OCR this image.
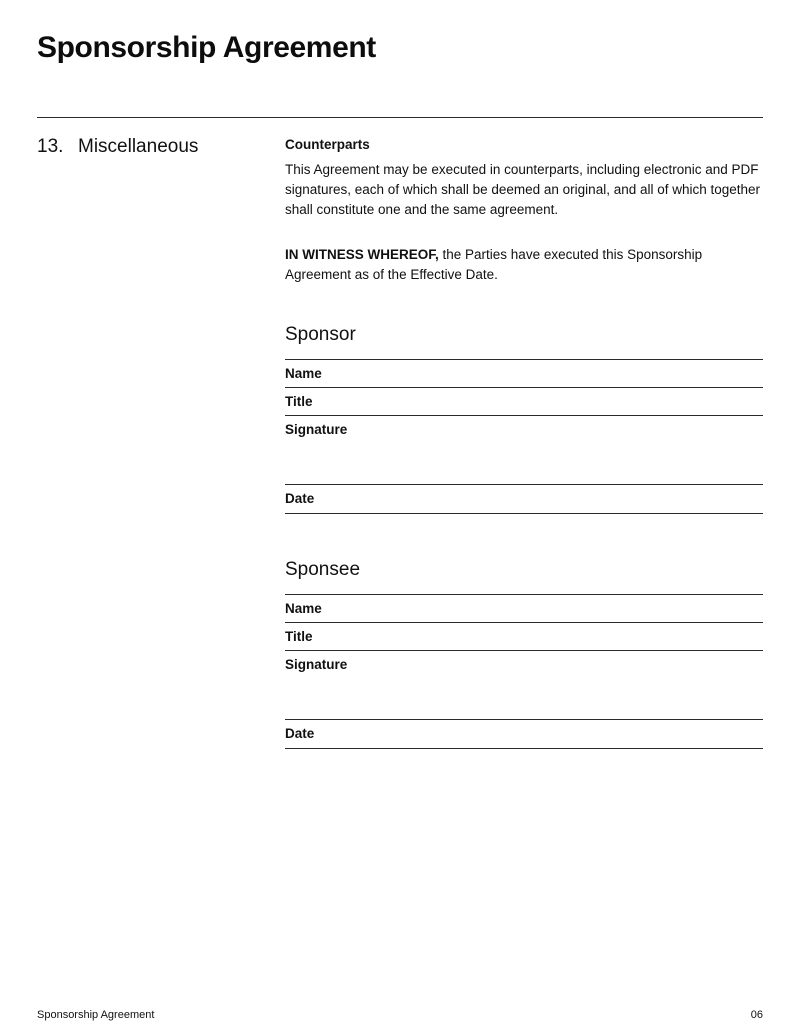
Sponsorship Agreement
13. Miscellaneous	Counterparts

This Agreement may be executed in counterparts, including electronic and PDF signatures, each of which shall be deemed an original, and all of which together shall constitute one and the same agreement.

IN WITNESS WHEREOF, the Parties have executed this Sponsorship Agreement as of the Effective Date.

Sponsor
Name
Title
Signature
Date
Sponsee
Name
Title
Signature
Date
Sponsorship Agreement	06
